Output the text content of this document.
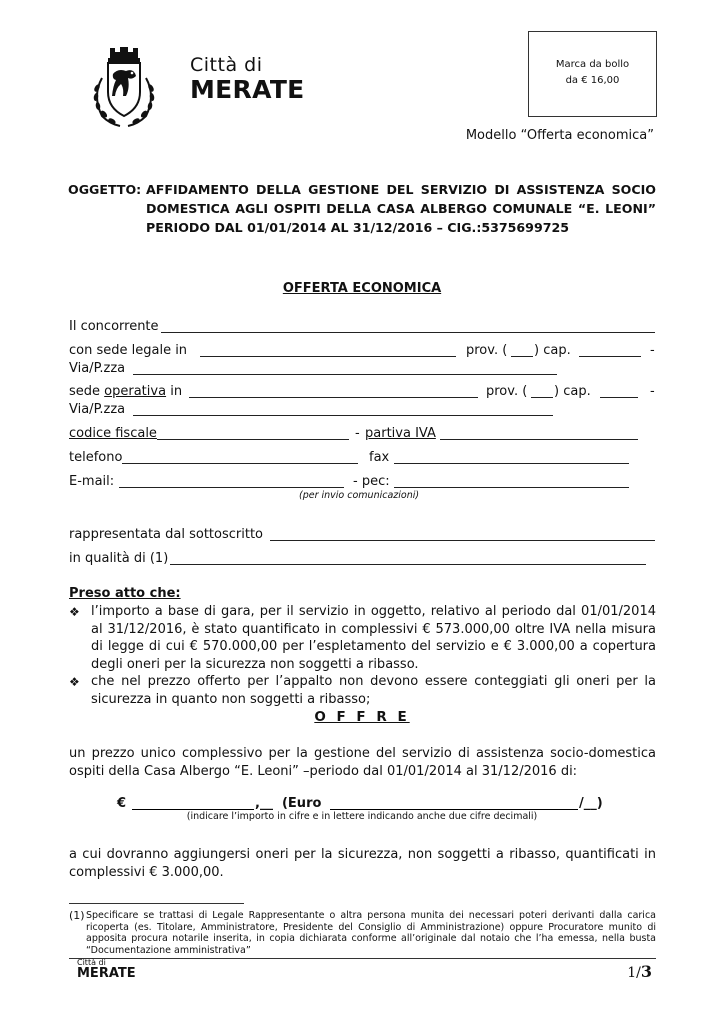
Città di
MERATE
Marca da bollo
da € 16,00
Modello “Offerta economica”
OGGETTO: AFFIDAMENTO DELLA GESTIONE DEL SERVIZIO DI ASSISTENZA SOCIO DOMESTICA AGLI OSPITI DELLA CASA ALBERGO COMUNALE “E. LEONI” PERIODO DAL 01/01/2014 AL 31/12/2016 – CIG.:5375699725
OFFERTA ECONOMICA
Il concorrente
con sede legale in	prov. ( ) cap.	-
Via/P.zza
sede operativa in	prov. ( ) cap.	-
Via/P.zza
codice fiscale	- partiva IVA
telefono	fax
E-mail:	- pec:
(per invio comunicazioni)
rappresentata dal sottoscritto
in qualità di (1)
Preso atto che:
❖ l’importo a base di gara, per il servizio in oggetto, relativo al periodo dal 01/01/2014 al 31/12/2016, è stato quantificato in complessivi € 573.000,00 oltre IVA nella misura di legge di cui € 570.000,00 per l’espletamento del servizio e € 3.000,00 a copertura degli oneri per la sicurezza non soggetti a ribasso.
❖ che nel prezzo offerto per l’appalto non devono essere conteggiati gli oneri per la sicurezza in quanto non soggetti a ribasso;
O F F R E
un prezzo unico complessivo per la gestione del servizio di assistenza socio-domestica ospiti della Casa Albergo “E. Leoni” –periodo dal 01/01/2014 al 31/12/2016 di:
€	,__  (Euro	/__)
(indicare l’importo in cifre e in lettere indicando anche due cifre decimali)
a cui dovranno aggiungersi oneri per la sicurezza, non soggetti a ribasso, quantificati in complessivi € 3.000,00.
(1) Specificare se trattasi di Legale Rappresentante o altra persona munita dei necessari poteri derivanti dalla carica ricoperta (es. Titolare, Amministratore, Presidente del Consiglio di Amministrazione) oppure Procuratore munito di apposita procura notarile inserita, in copia dichiarata conforme all’originale dal notaio che l’ha emessa, nella busta “Documentazione amministrativa”
Città di
MERATE	1/3
